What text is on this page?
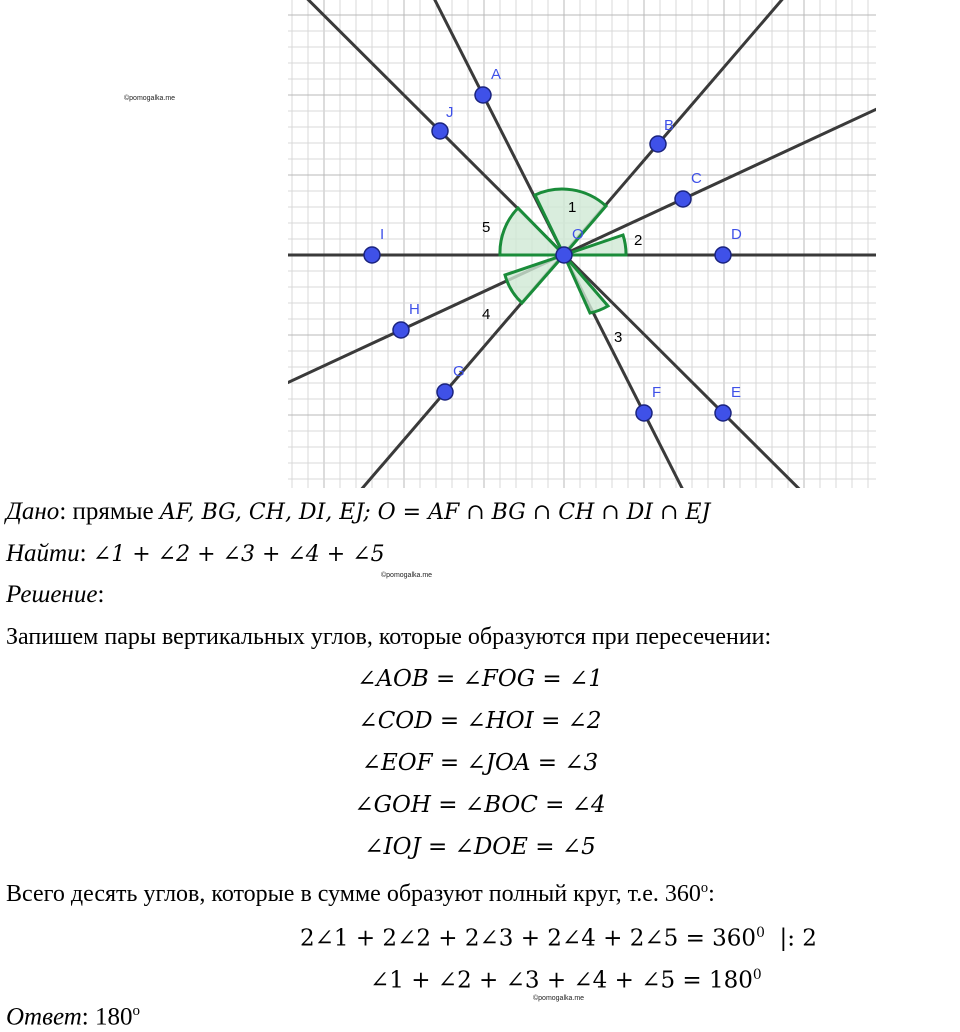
©pomogalka.me
©pomogalka.me
©pomogalka.me
A
B
C
D
E
F
G
H
I
J
O
1
2
3
4
5
Дано: прямые AF, BG, CH, DI, EJ; O = AF ∩ BG ∩ CH ∩ DI ∩ EJ
Найти: ∠1 + ∠2 + ∠3 + ∠4 + ∠5
Решение:
Запишем пары вертикальных углов, которые образуются при пересечении:
∠AOB = ∠FOG = ∠1
∠COD = ∠HOI = ∠2
∠EOF = ∠JOA = ∠3
∠GOH = ∠BOC = ∠4
∠IOJ = ∠DOE = ∠5
Всего десять углов, которые в сумме образуют полный круг, т.е. 360$^o$:
2∠1 + 2∠2 + 2∠3 + 2∠4 + 2∠5 = $360^0$  |: 2
∠1 + ∠2 + ∠3 + ∠4 + ∠5 = $180^0$
Ответ: 180$^o$
